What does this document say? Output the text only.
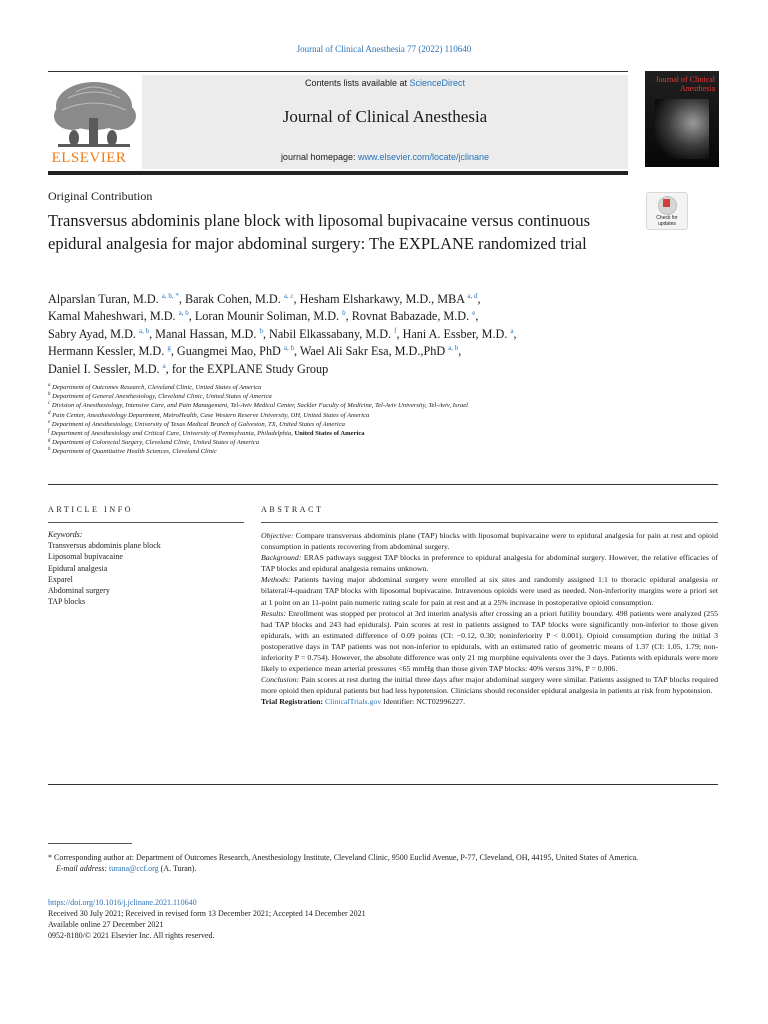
Journal of Clinical Anesthesia 77 (2022) 110640
ELSEVIER
Contents lists available at ScienceDirect
Journal of Clinical Anesthesia
journal homepage: www.elsevier.com/locate/jclinane
Journal of Clinical Anesthesia
Original Contribution
Check for updates
Transversus abdominis plane block with liposomal bupivacaine versus continuous epidural analgesia for major abdominal surgery: The EXPLANE randomized trial
Alparslan Turan, M.D. $^{a, b, *}$, Barak Cohen, M.D. $^{a, c}$, Hesham Elsharkawy, M.D., MBA $^{a, d}$,
Kamal Maheshwari, M.D. $^{a, b}$, Loran Mounir Soliman, M.D. $^b$, Rovnat Babazade, M.D. $^e$,
Sabry Ayad, M.D. $^{a, b}$, Manal Hassan, M.D. $^b$, Nabil Elkassabany, M.D. $^f$, Hani A. Essber, M.D. $^a$,
Hermann Kessler, M.D. $^g$, Guangmei Mao, PhD $^{a, h}$, Wael Ali Sakr Esa, M.D.,PhD $^{a, b}$,
Daniel I. Sessler, M.D. $^a$, for the EXPLANE Study Group
$^a$ Department of Outcomes Research, Cleveland Clinic, United States of America
$^b$ Department of General Anesthesiology, Cleveland Clinic, United States of America
$^c$ Division of Anesthesiology, Intensive Care, and Pain Management, Tel-Aviv Medical Center, Sackler Faculty of Medicine, Tel-Aviv University, Tel-Aviv, Israel
$^d$ Pain Center, Anesthesiology Department, MetroHealth, Case Western Reserve University, OH, United States of America
$^e$ Department of Anesthesiology, University of Texas Medical Branch of Galveston, TX, United States of America
$^f$ Department of Anesthesiology and Critical Care, University of Pennsylvania, Philadelphia, United States of America
$^g$ Department of Colorectal Surgery, Cleveland Clinic, United States of America
$^h$ Department of Quantitative Health Sciences, Cleveland Clinic
ARTICLE INFO	ABSTRACT
Keywords:
Transversus abdominis plane block
Liposomal bupivacaine
Epidural analgesia
Exparel
Abdominal surgery
TAP blocks

Objective: Compare transversus abdominis plane (TAP) blocks with liposomal bupivacaine were to epidural analgesia for pain at rest and opioid consumption in patients recovering from abdominal surgery.

Background: ERAS pathways suggest TAP blocks in preference to epidural analgesia for abdominal surgery. However, the relative efficacies of TAP blocks and epidural analgesia remains unknown.

Methods: Patients having major abdominal surgery were enrolled at six sites and randomly assigned 1:1 to thoracic epidural analgesia or bilateral/4-quadrant TAP blocks with liposomal bupivacaine. Intravenous opioids were used as needed. Non-inferiority margins were a priori set at 1 point on an 11-point pain numeric rating scale for pain at rest and at a 25% increase in postoperative opioid consumption.

Results: Enrollment was stopped per protocol at 3rd interim analysis after crossing an a priori futility boundary. 498 patients were analyzed (255 had TAP blocks and 243 had epidurals). Pain scores at rest in patients assigned to TAP blocks were significantly non-inferior to those given epidurals, with an estimated difference of 0.09 points (CI: −0.12, 0.30; noninferiority P < 0.001). Opioid consumption during the initial 3 postoperative days in TAP patients was not non-inferior to epidurals, with an estimated ratio of geometric means of 1.37 (CI: 1.05, 1.79; non-inferiority P = 0.754). However, the absolute difference was only 21 mg morphine equivalents over the 3 days. Patients with epidurals were more likely to experience mean arterial pressures <65 mmHg than those given TAP blocks: 40% versus 31%, P = 0.006.

Conclusion: Pain scores at rest during the initial three days after major abdominal surgery were similar. Patients assigned to TAP blocks required more opioid then epidural patients but had less hypotension. Clinicians should reconsider epidural analgesia in patients at risk from hypotension.

Trial Registration: ClinicalTrials.gov Identifier: NCT02996227.

* Corresponding author at: Department of Outcomes Research, Anesthesiology Institute, Cleveland Clinic, 9500 Euclid Avenue, P-77, Cleveland, OH, 44195, United States of America.

E-mail address: turana@ccf.org (A. Turan).

https://doi.org/10.1016/j.jclinane.2021.110640

Received 30 July 2021; Received in revised form 13 December 2021; Accepted 14 December 2021

Available online 27 December 2021

0952-8180/© 2021 Elsevier Inc. All rights reserved.
